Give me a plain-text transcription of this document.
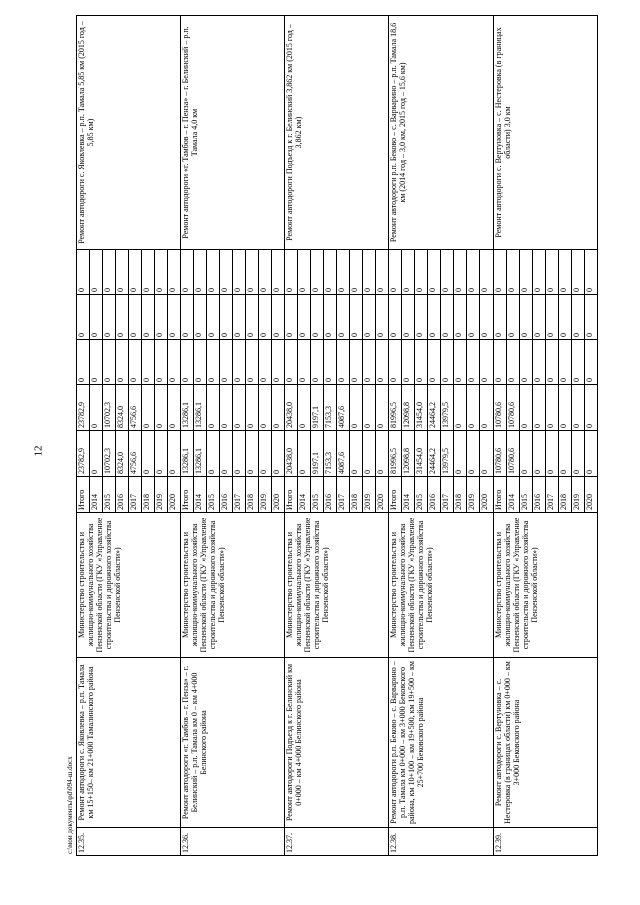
12
c:\мои документы\pd\094-ш.docx 12.35.	Ремонт автодороги с. Яковлевка – р.п. Тамала км 15+150– км 21+000 Тамалинского района	Министерство строительства и жилищно-коммунального хозяйства Пензенской области (ГКУ «Управление строительства и дорожного хозяйства Пензенской области»)	Итого	23782,9	23782,9	0	0	0	Ремонт автодороги с. Яковлевка – р.п. Тамала 5,85 км (2015 год –5,85 км)
			2014	0	0	0	0	0	
			2015	10702,3	10702,3	0	0	0	
			2016	8324,0	8324,0	0	0	0	
			2017	4756,6	4756,6	0	0	0	
			2018	0	0	0	0	0	
			2019	0	0	0	0	0	
			2020	0	0	0	0	0	
12.36.	Ремонт автодороги «г. Тамбов – г. Пенза» – г. Белинский – р.п. Тамала км 0 – км 4+000 Белинского района	Министерство строительства и жилищно-коммунального хозяйства Пензенской области (ГКУ «Управление строительства и дорожного хозяйства Пензенской области»)	Итого	13286,1	13286,1	0	0	0	Ремонт автодороги «г. Тамбов – г. Пенза» – г. Белинский – р.п. Тамала 4,0 км
			2014	13286,1	13286,1	0	0	0	
			2015	0	0	0	0	0	
			2016	0	0	0	0	0	
			2017	0	0	0	0	0	
			2018	0	0	0	0	0	
			2019	0	0	0	0	0	
			2020	0	0	0	0	0	
12.37.	Ремонт автодороги Подъезд к г. Белинский км 0+000 – км 4+000 Белинского района	Министерство строительства и жилищно-коммунального хозяйства Пензенской области (ГКУ «Управление строительства и дорожного хозяйства Пензенской области»)	Итого	20438,0	20438,0	0	0	0	Ремонт автодороги Подъезд к г. Белинский 3,862 км (2015 год –3,862 км)
			2014	0	0	0	0	0	
			2015	9197,1	9197,1	0	0	0	
			2016	7153,3	7153,3	0	0	0	
			2017	4087,6	4087,6	0	0	0	
			2018	0	0	0	0	0	
			2019	0	0	0	0	0	
			2020	0	0	0	0	0	
12.38.	Ремонт автодороги р.п. Беково – с. Варварино – р.п. Тамала км 0+000 – км 3+000 Бековского района, км 10+100 – км 19+500, км 19+500 – км 25+700 Бековского района	Министерство строительства и жилищно-коммунального хозяйства Пензенской области (ГКУ «Управление строительства и дорожного хозяйства Пензенской области»)	Итого	81996,5	81996,5	0	0	0	Ремонт автодороги р.п. Беково – с. Варварино – р.п. Тамала 18,6 км (2014 год – 3,0 км, 2015 год – 15,6 км)
			2014	12098,8	12098,8	0	0	0	
			2015	31454,0	31454,0	0	0	0	
			2016	24464,2	24464,2	0	0	0	
			2017	13979,5	13979,5	0	0	0	
			2018	0	0	0	0	0	
			2019	0	0	0	0	0	
			2020	0	0	0	0	0	
12.39.	Ремонт автодороги с. Вертуновка – с. Нестеровка (в границах области) км 0+000 – км 3+000 Бековского района	Министерство строительства и жилищно-коммунального хозяйства Пензенской области (ГКУ «Управление строительства и дорожного хозяйства Пензенской области»)	Итого	10780,6	10780,6	0	0	0	Ремонт автодороги с. Вертуновка – с. Нестеровка (в границах области) 3,0 км
			2014	10780,6	10780,6	0	0	0	
			2015	0	0	0	0	0	
			2016	0	0	0	0	0	
			2017	0	0	0	0	0	
			2018	0	0	0	0	0	
			2019	0	0	0	0	0	
			2020	0	0	0	0	0	
